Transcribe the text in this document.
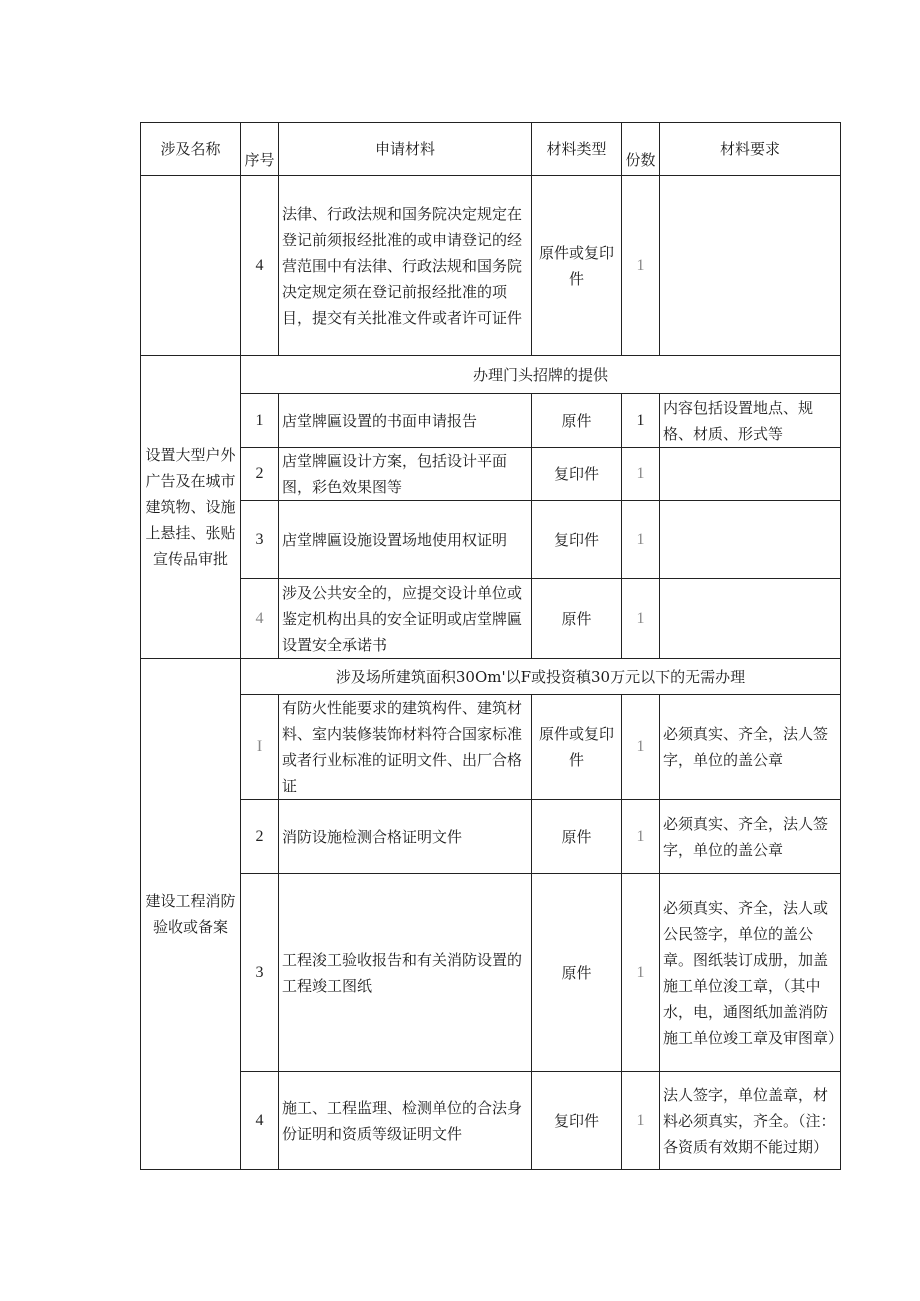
涉及名称	序号	申请材料	材料类型	份数	材料要求
	4	法律、行政法规和国务院决定规定在登记前须报经批准的或申请登记的经营范围中有法律、行政法规和国务院决定规定须在登记前报经批准的项目，提交有关批准文件或者许可证件	原件或复印件	1	
设置大型户外广告及在城市建筑物、设施上悬挂、张贴宣传品审批	办理门头招牌的提供				
	1	店堂牌匾设置的书面申请报告	原件	1	内容包括设置地点、规格、材质、形式等
	2	店堂牌匾设计方案，包括设计平面图，彩色效果图等	复印件	1	
	3	店堂牌匾设施设置场地使用权证明	复印件	1	
	4	涉及公共安全的，应提交设计单位或鉴定机构出具的安全证明或店堂牌匾设置安全承诺书	原件	1	
建设工程消防验收或备案	涉及场所建筑面积30Om'以F或投资稹30万元以下的无需办理				
	I	有防火性能要求的建筑构件、建筑材料、室内装修装饰材料符合国家标准或者行业标准的证明文件、出厂合格证	原件或复印件	1	必须真实、齐全，法人签字，单位的盖公章
	2	消防设施检测合格证明文件	原件	1	必须真实、齐全，法人签字，单位的盖公章
	3	工程浚工验收报告和有关消防设置的工程竣工图纸	原件	1	必须真实、齐全，法人或公民签字，单位的盖公章。图纸装订成册，加盖施工单位浚工章，（其中水，电，通图纸加盖消防施工单位竣工章及审图章）
	4	施工、工程监理、检测单位的合法身份证明和资质等级证明文件	复印件	1	法人签字，单位盖章，材料必须真实，齐全。（注：各资质有效期不能过期）
